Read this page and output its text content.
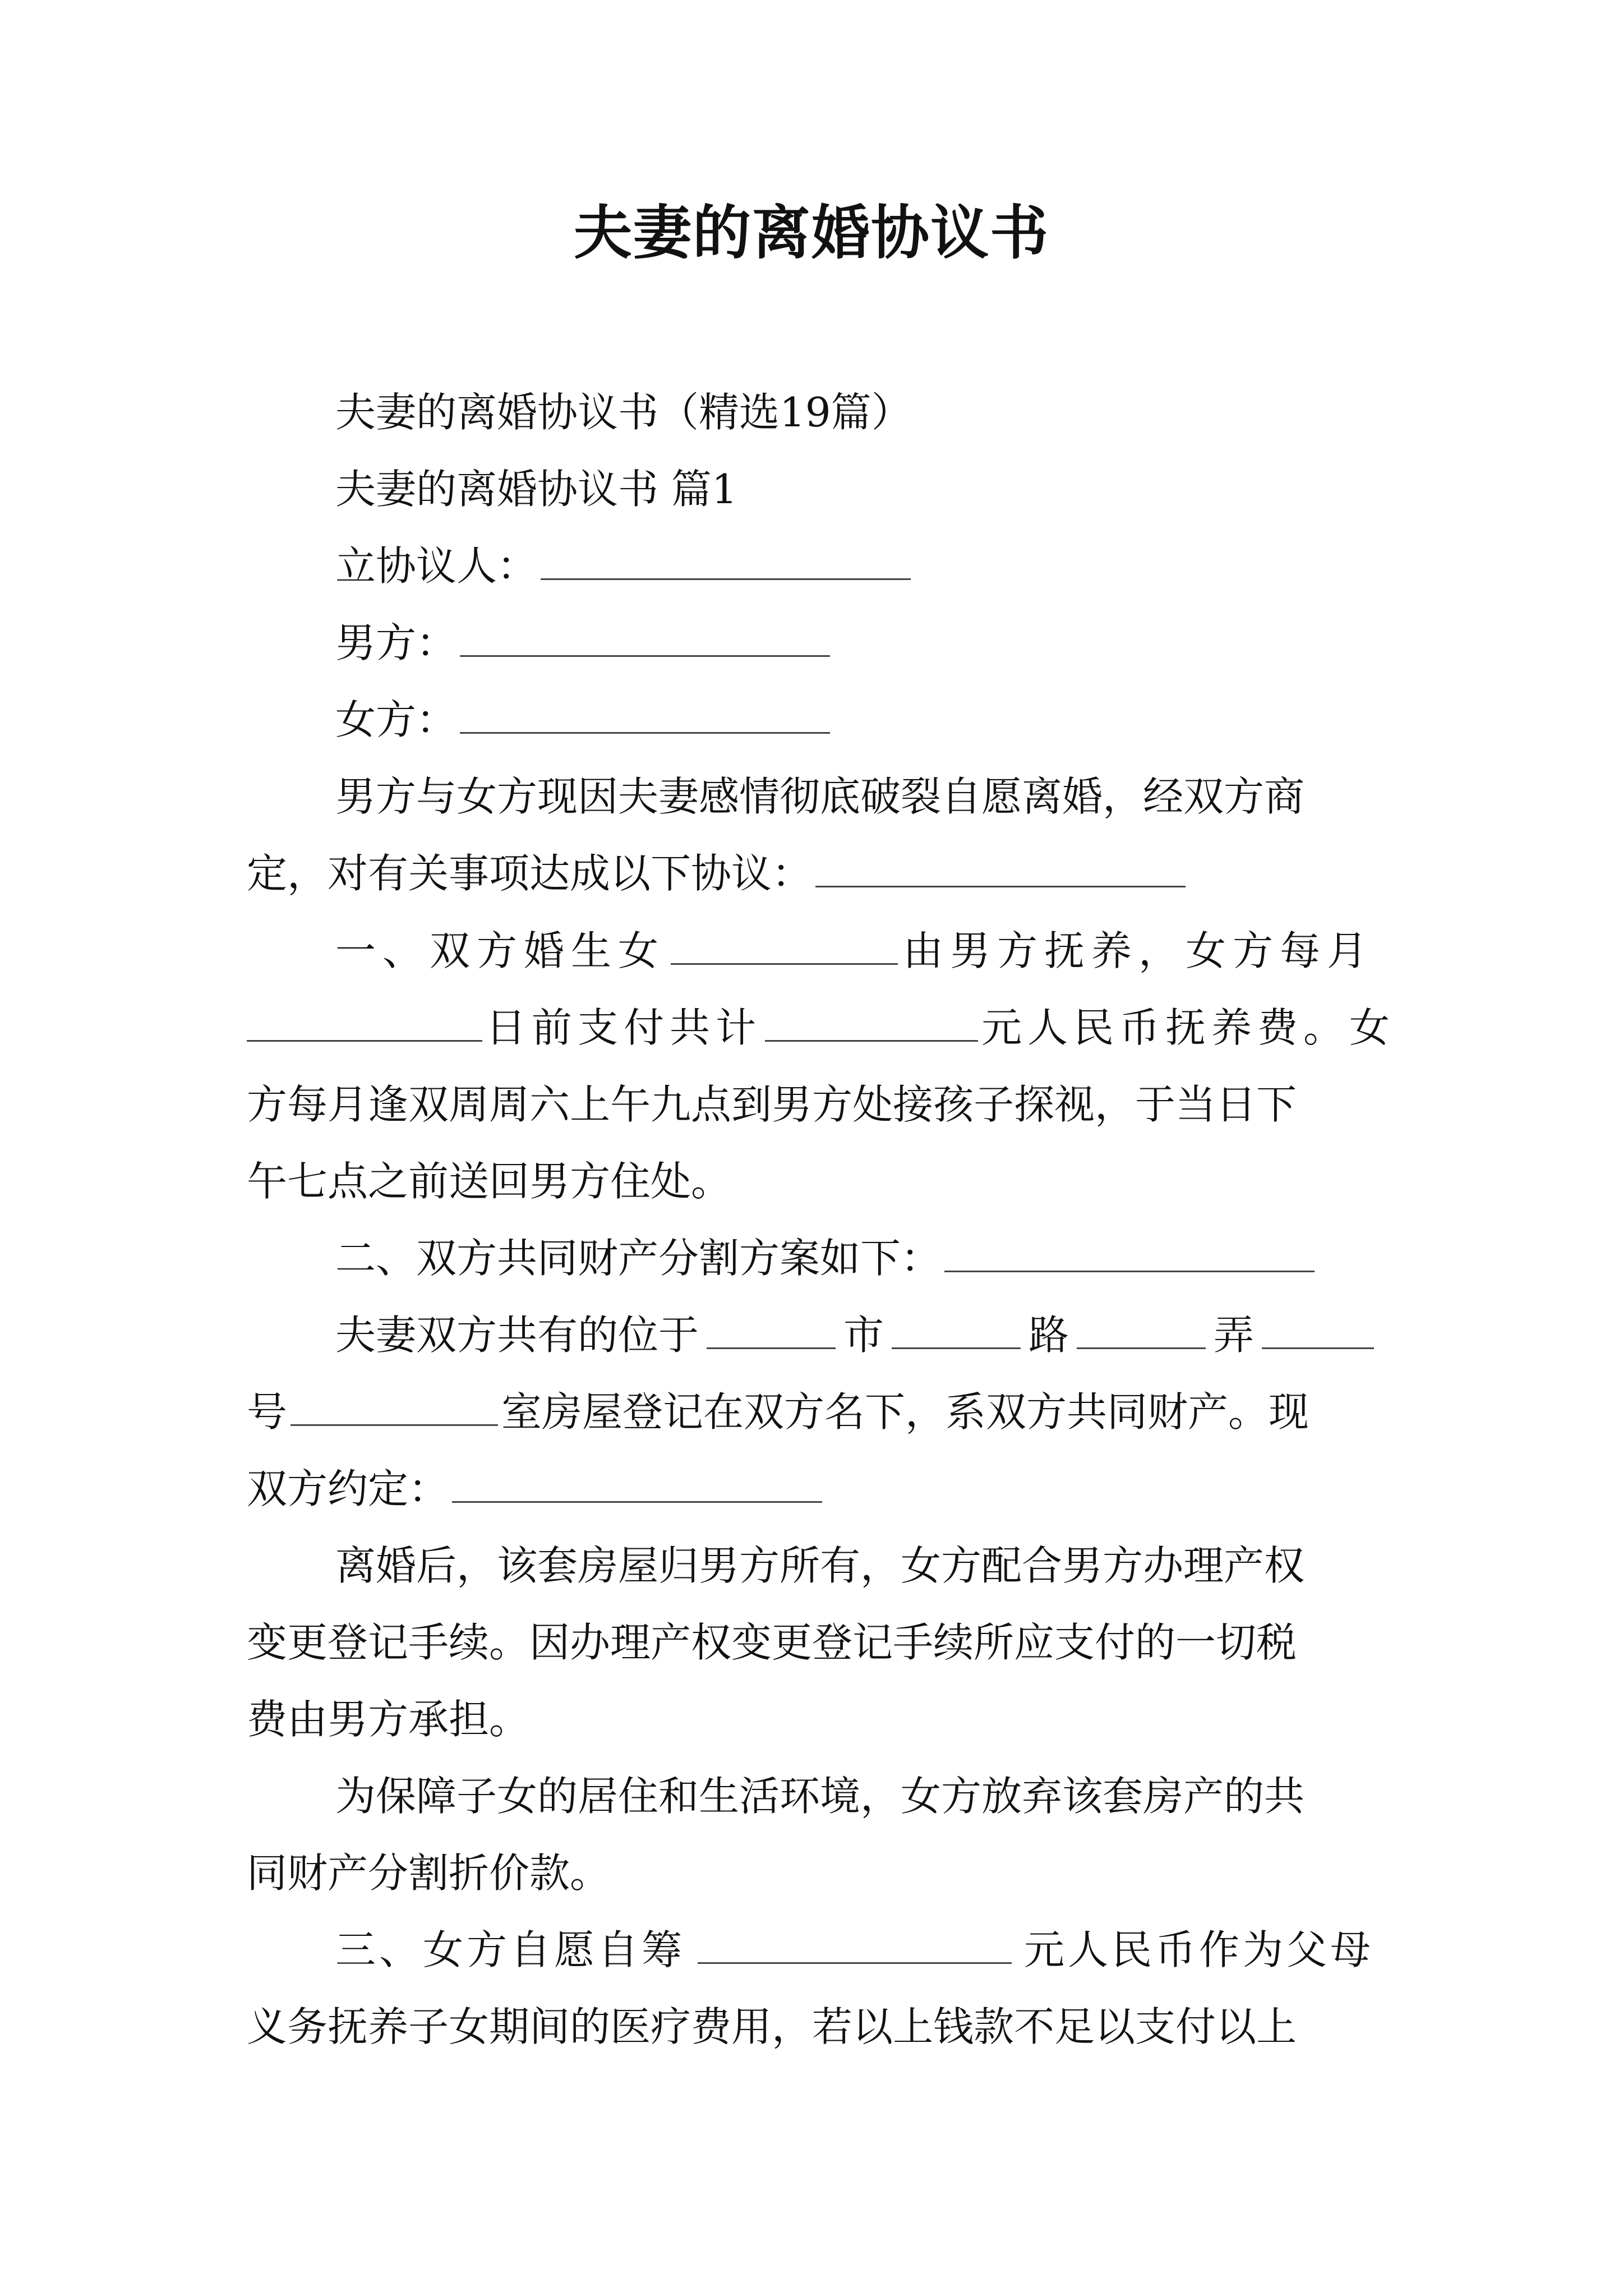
夫妻的离婚协议书
夫妻的离婚协议书（精选19篇）
夫妻的离婚协议书 篇1
立协议人：
男方：
女方：
男方与女方现因夫妻感情彻底破裂自愿离婚，经双方商
定，对有关事项达成以下协议：
一、双方婚生女	由男方抚养，女方每月
日前支付共计	元人民币抚养费。女
方每月逢双周周六上午九点到男方处接孩子探视，于当日下
午七点之前送回男方住处。
二、双方共同财产分割方案如下：
夫妻双方共有的位于	市	路	弄
号	室房屋登记在双方名下，系双方共同财产。现
双方约定：
离婚后，该套房屋归男方所有，女方配合男方办理产权
变更登记手续。因办理产权变更登记手续所应支付的一切税
费由男方承担。
为保障子女的居住和生活环境，女方放弃该套房产的共
同财产分割折价款。
三、女方自愿自筹	元人民币作为父母
义务抚养子女期间的医疗费用，若以上钱款不足以支付以上
